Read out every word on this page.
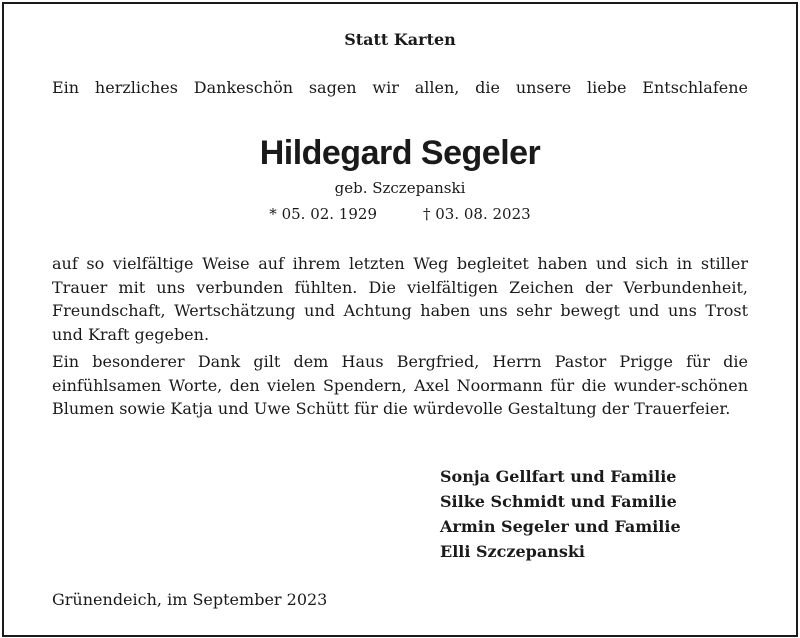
Statt Karten
Ein herzliches Dankeschön sagen wir allen, die unsere liebe Entschlafene
Hildegard Segeler
geb. Szczepanski
* 05. 02. 1929	† 03. 08. 2023
auf so vielfältige Weise auf ihrem letzten Weg begleitet haben und sich in stiller Trauer mit uns verbunden fühlten. Die vielfältigen Zeichen der Verbundenheit, Freundschaft, Wertschätzung und Achtung haben uns sehr bewegt und uns Trost und Kraft gegeben.
Ein besonderer Dank gilt dem Haus Bergfried, Herrn Pastor Prigge für die einfühlsamen Worte, den vielen Spendern, Axel Noormann für die wunder-schönen Blumen sowie Katja und Uwe Schütt für die würdevolle Gestaltung der Trauerfeier.
Sonja Gellfart und Familie
Silke Schmidt und Familie
Armin Segeler und Familie
Elli Szczepanski
Grünendeich, im September 2023
